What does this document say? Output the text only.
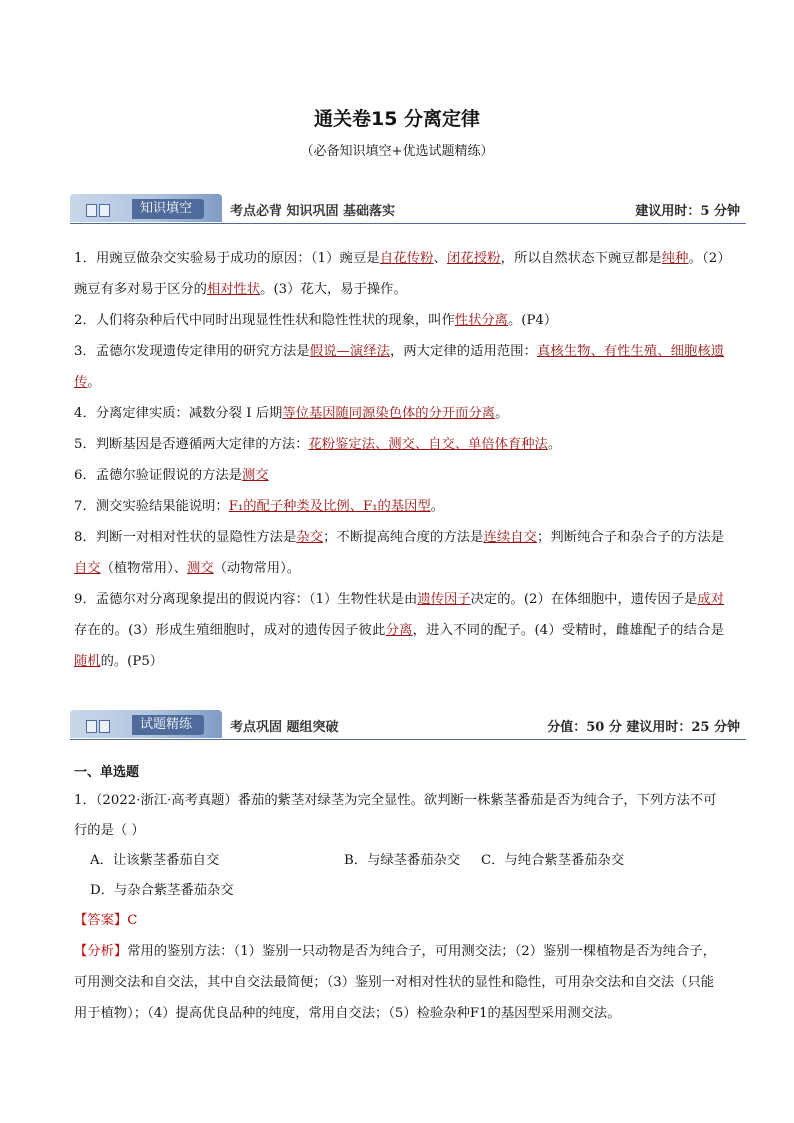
通关卷15 分离定律
（必备知识填空+优选试题精练）
知识填空	考点必背 知识巩固 基础落实	建议用时：5 分钟

1．用豌豆做杂交实验易于成功的原因：（1）豌豆是自花传粉、闭花授粉，所以自然状态下豌豆都是纯种。（2）豌豆有多对易于区分的相对性状。(3）花大，易于操作。

2．人们将杂种后代中同时出现显性性状和隐性性状的现象，叫作性状分离。(P4）

3．孟德尔发现遗传定律用的研究方法是假说—演绎法，两大定律的适用范围：真核生物、有性生殖、细胞核遗传。

4．分离定律实质：减数分裂 I 后期等位基因随同源染色体的分开而分离。

5．判断基因是否遵循两大定律的方法：花粉鉴定法、测交、自交、单倍体育种法。

6．孟德尔验证假说的方法是测交

7．测交实验结果能说明：F₁的配子种类及比例、F₁的基因型。

8．判断一对相对性状的显隐性方法是杂交；不断提高纯合度的方法是连续自交；判断纯合子和杂合子的方法是自交（植物常用）、测交（动物常用）。

9．孟德尔对分离现象提出的假说内容：（1）生物性状是由遗传因子决定的。(2）在体细胞中，遗传因子是成对存在的。(3）形成生殖细胞时，成对的遗传因子彼此分离，进入不同的配子。(4）受精时，雌雄配子的结合是随机的。(P5）

试题精练	考点巩固 题组突破	分值：50 分 建议用时：25 分钟

一、单选题

1．（2022·浙江·高考真题）番茄的紫茎对绿茎为完全显性。欲判断一株紫茎番茄是否为纯合子，下列方法不可行的是（ ）

A．让该紫茎番茄自交	B．与绿茎番茄杂交 C．与纯合紫茎番茄杂交D．与杂合紫茎番茄杂交

【答案】C

【分析】常用的鉴别方法：（1）鉴别一只动物是否为纯合子，可用测交法；（2）鉴别一棵植物是否为纯合子，可用测交法和自交法，其中自交法最简便；（3）鉴别一对相对性状的显性和隐性，可用杂交法和自交法（只能用于植物）；（4）提高优良品种的纯度，常用自交法；（5）检验杂种F1的基因型采用测交法。
